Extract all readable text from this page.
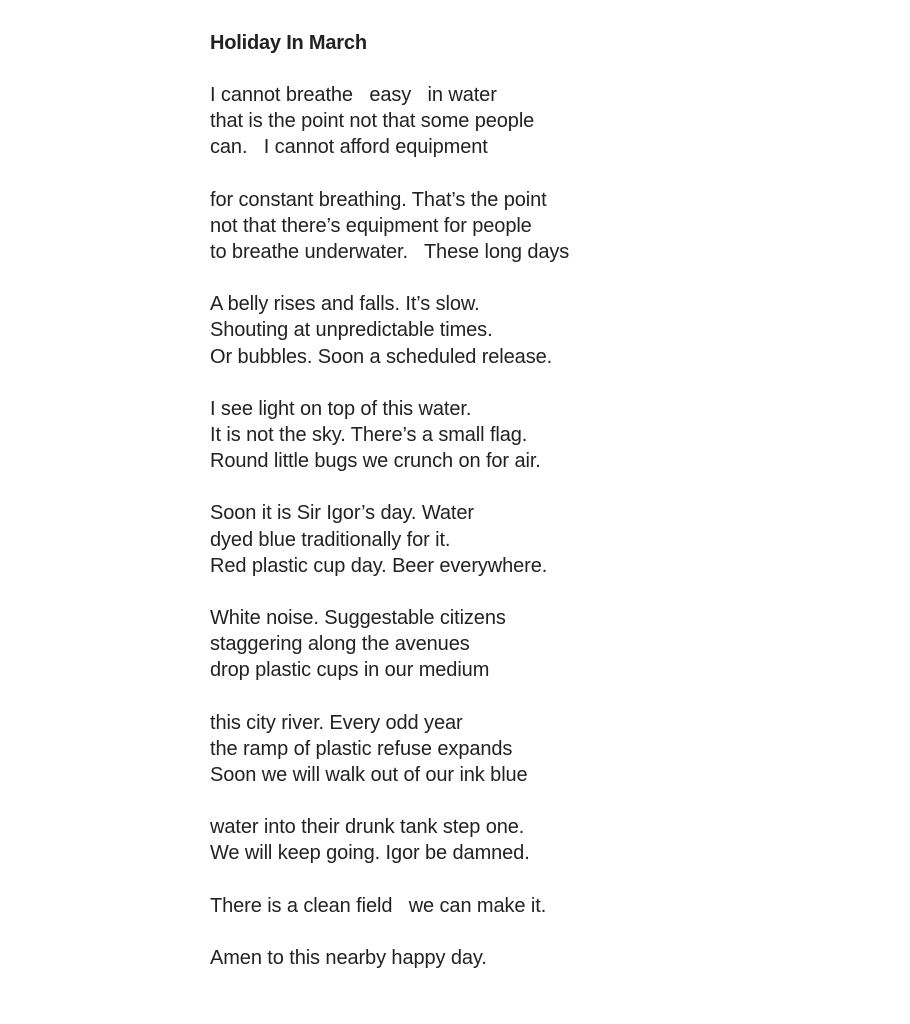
Holiday In March
I cannot breathe   easy   in water
that is the point not that some people
can.   I cannot afford equipment
for constant breathing. That’s the point
not that there’s equipment for people
to breathe underwater.   These long days
A belly rises and falls. It’s slow.
Shouting at unpredictable times.
Or bubbles. Soon a scheduled release.
I see light on top of this water.
It is not the sky. There’s a small flag.
Round little bugs we crunch on for air.
Soon it is Sir Igor’s day. Water
dyed blue traditionally for it.
Red plastic cup day. Beer everywhere.
White noise. Suggestable citizens
staggering along the avenues
drop plastic cups in our medium
this city river. Every odd year
the ramp of plastic refuse expands
Soon we will walk out of our ink blue
water into their drunk tank step one.
We will keep going. Igor be damned.
There is a clean field   we can make it.
Amen to this nearby happy day.
